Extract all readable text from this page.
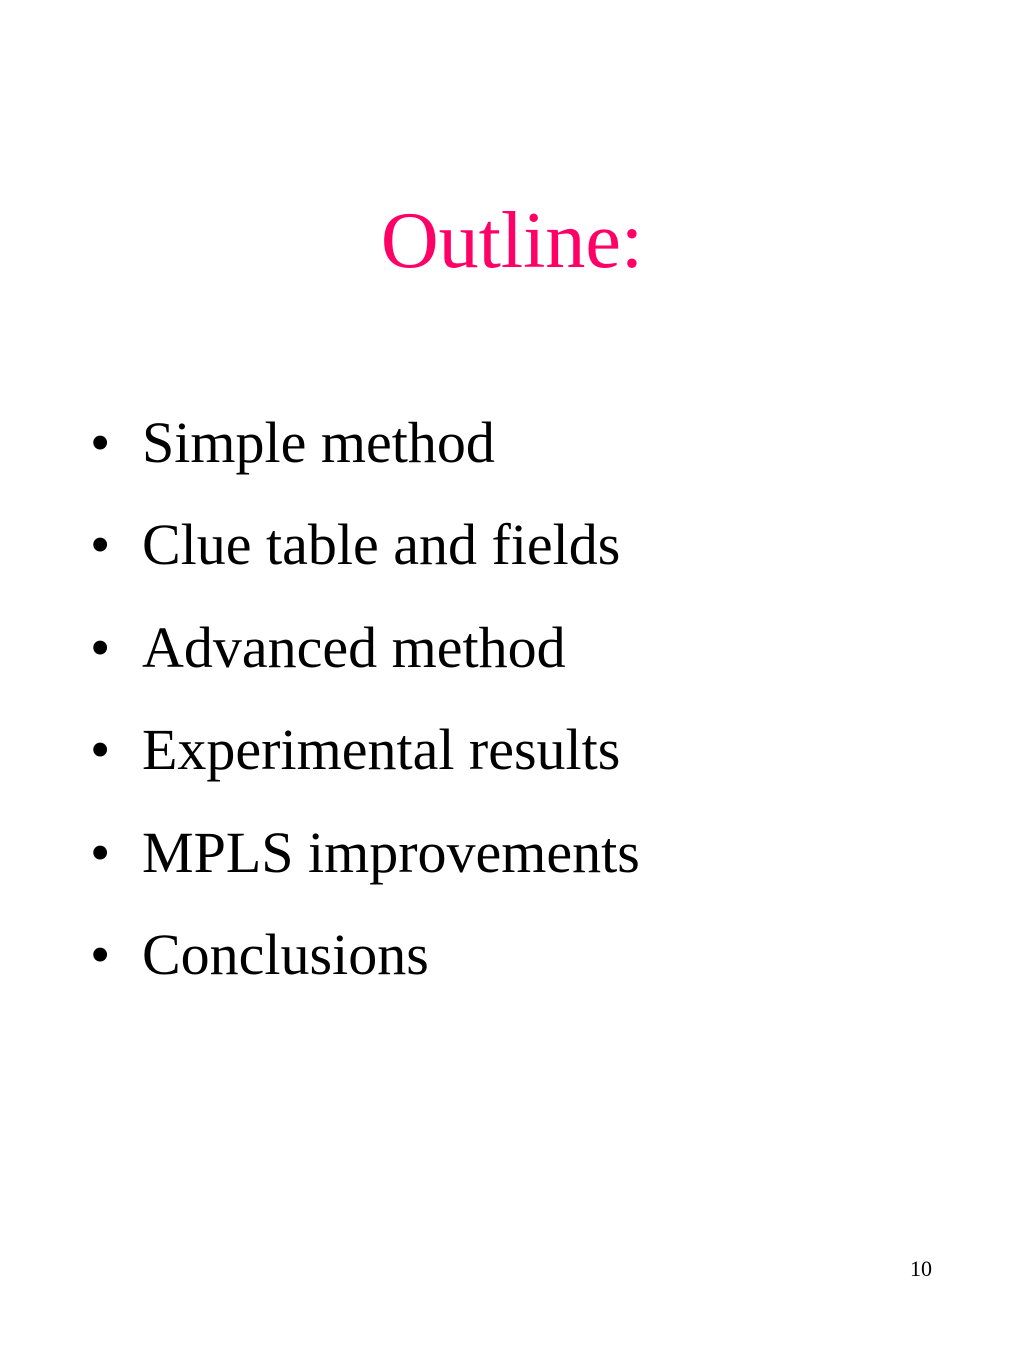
Outline:
• Simple method
• Clue table and fields
• Advanced method
• Experimental results
• MPLS improvements
• Conclusions
10
